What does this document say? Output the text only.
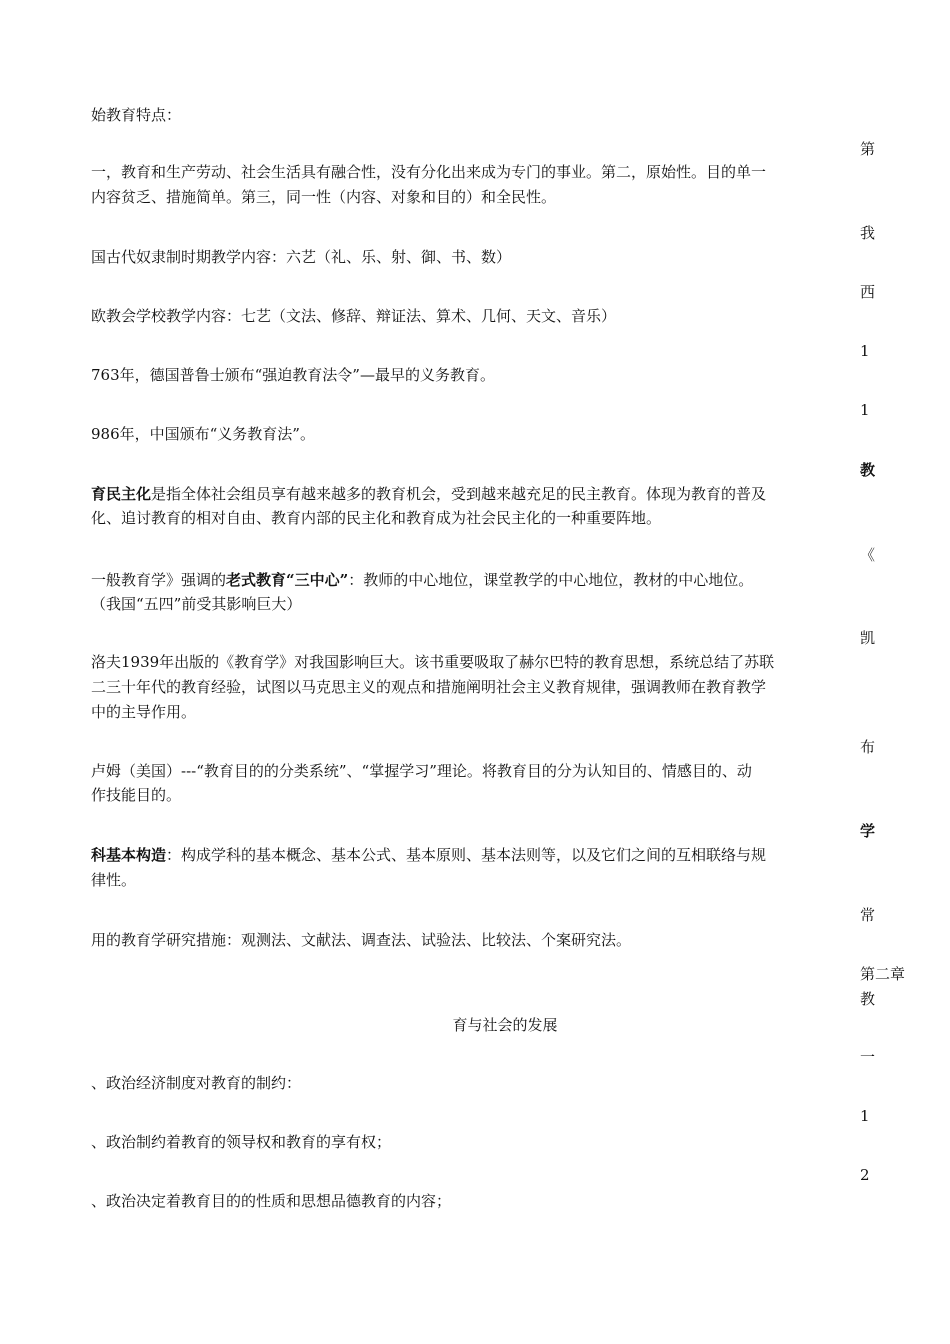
始教育特点：
第
一，教育和生产劳动、社会生活具有融合性，没有分化出来成为专门的事业。第二，原始性。目的单一
内容贫乏、措施简单。第三，同一性（内容、对象和目的）和全民性。
我
国古代奴隶制时期教学内容：六艺（礼、乐、射、御、书、数）
西
欧教会学校教学内容：七艺（文法、修辞、辩证法、算术、几何、天文、音乐）
1
763年，德国普鲁士颁布“强迫教育法令”—最早的义务教育。
1
986年，中国颁布“义务教育法”。
教
育民主化是指全体社会组员享有越来越多的教育机会，受到越来越充足的民主教育。体现为教育的普及
化、追讨教育的相对自由、教育内部的民主化和教育成为社会民主化的一种重要阵地。
《
一般教育学》强调的老式教育“三中心”：教师的中心地位，课堂教学的中心地位，教材的中心地位。
（我国“五四”前受其影响巨大）
凯
洛夫1939年出版的《教育学》对我国影响巨大。该书重要吸取了赫尔巴特的教育思想，系统总结了苏联
二三十年代的教育经验，试图以马克思主义的观点和措施阐明社会主义教育规律，强调教师在教育教学
中的主导作用。
布
卢姆（美国）---“教育目的的分类系统”、“掌握学习”理论。将教育目的分为认知目的、情感目的、动
作技能目的。
学
科基本构造：构成学科的基本概念、基本公式、基本原则、基本法则等，以及它们之间的互相联络与规
律性。
常
用的教育学研究措施：观测法、文献法、调查法、试验法、比较法、个案研究法。
第二章
教
育与社会的发展
一
、政治经济制度对教育的制约：
1
、政治制约着教育的领导权和教育的享有权；
2
、政治决定着教育目的的性质和思想品德教育的内容；
